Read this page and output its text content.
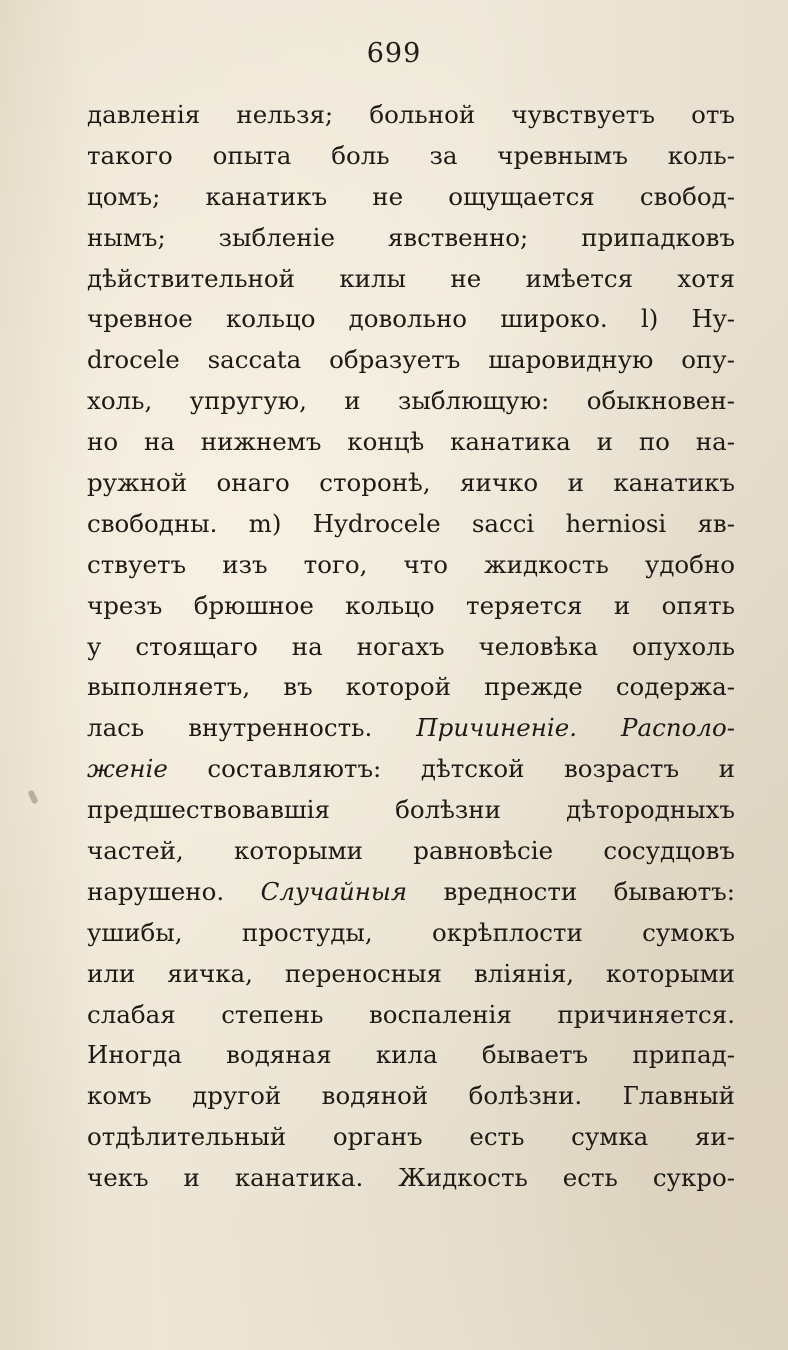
699
давленія нельзя; больной чувствуетъ отъ
такого опыта боль за чревнымъ коль-
цомъ; канатикъ не ощущается свобод-
нымъ; зыбленіе явственно; припадковъ
дѣйствительной килы не имѣется хотя
чревное кольцо довольно широко. l) Hy-
drocele saccata образуетъ шаровидную опу-
холь, упругую, и зыблющую: обыкновен-
но на нижнемъ концѣ канатика и по на-
ружной онаго сторонѣ, яичко и канатикъ
свободны. m) Hydrocele sacci herniosi яв-
ствуетъ изъ того, что жидкость удобно
чрезъ брюшное кольцо теряется и опять
у стоящаго на ногахъ человѣка опухоль
выполняетъ, въ которой прежде содержа-
лась внутренность. Причиненіе. Располо-
женіе составляютъ: дѣтской возрастъ и
предшествовавшія болѣзни дѣтородныхъ
частей, которыми равновѣсіе сосудцовъ
нарушено. Случайныя вредности бываютъ:
ушибы, простуды, окрѣплости сумокъ
или яичка, переносныя вліянія, которыми
слабая степень воспаленія причиняется.
Иногда водяная кила бываетъ припад-
комъ другой водяной болѣзни. Главный
отдѣлительный органъ есть сумка яи-
чекъ и канатика. Жидкость есть сукро-
